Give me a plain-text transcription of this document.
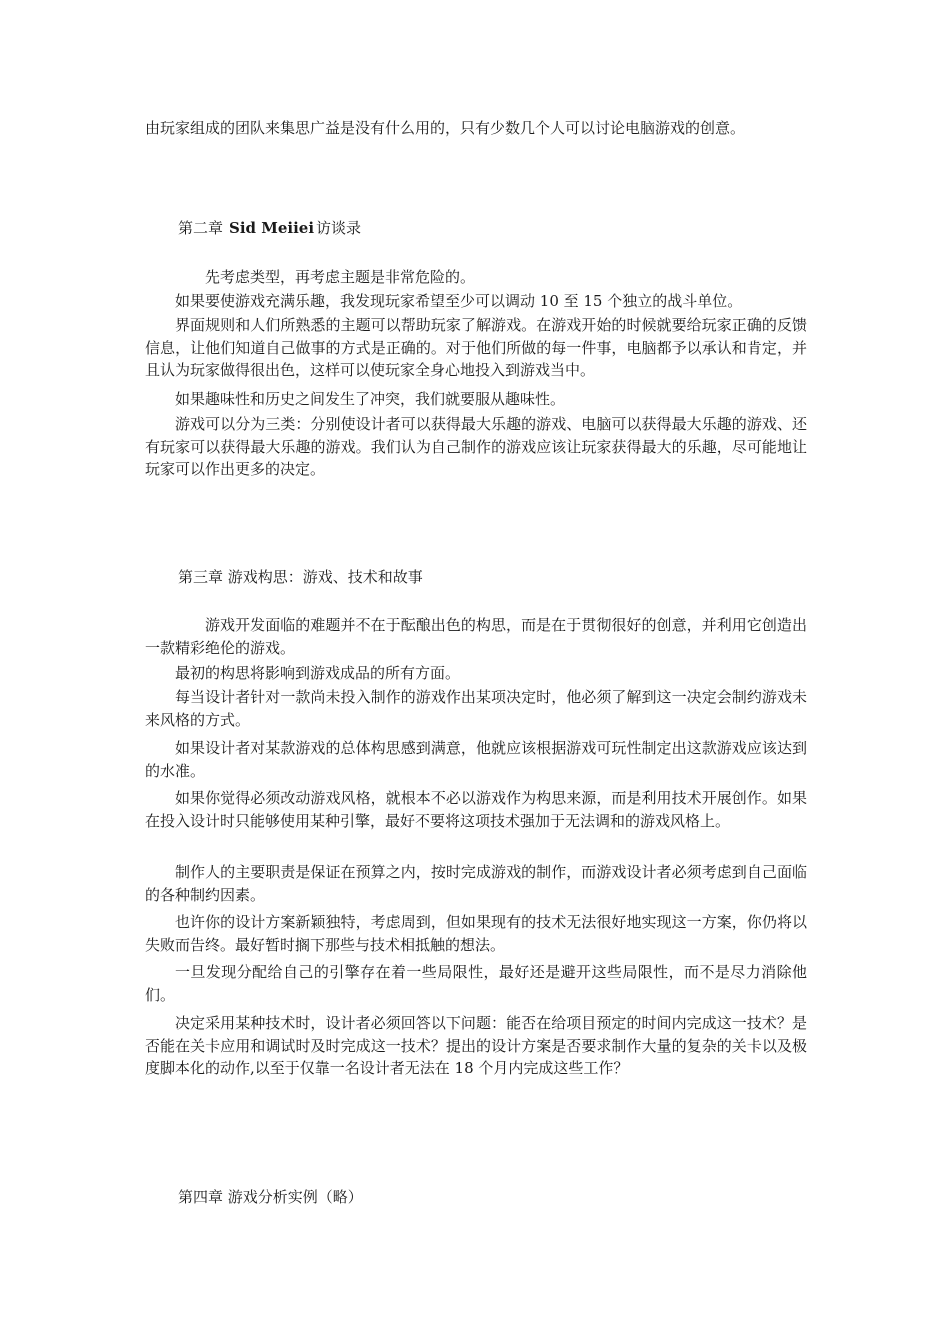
由玩家组成的团队来集思广益是没有什么用的，只有少数几个人可以讨论电脑游戏的创意。

第二章 Sid Meiiei 访谈录

先考虑类型，再考虑主题是非常危险的。

如果要使游戏充满乐趣，我发现玩家希望至少可以调动 10 至 15 个独立的战斗单位。

界面规则和人们所熟悉的主题可以帮助玩家了解游戏。在游戏开始的时候就要给玩家正确的反馈信息，让他们知道自己做事的方式是正确的。对于他们所做的每一件事，电脑都予以承认和肯定，并且认为玩家做得很出色，这样可以使玩家全身心地投入到游戏当中。

如果趣味性和历史之间发生了冲突，我们就要服从趣味性。

游戏可以分为三类：分别使设计者可以获得最大乐趣的游戏、电脑可以获得最大乐趣的游戏、还有玩家可以获得最大乐趣的游戏。我们认为自己制作的游戏应该让玩家获得最大的乐趣，尽可能地让玩家可以作出更多的决定。

第三章 游戏构思：游戏、技术和故事

游戏开发面临的难题并不在于酝酿出色的构思，而是在于贯彻很好的创意，并利用它创造出一款精彩绝伦的游戏。

最初的构思将影响到游戏成品的所有方面。

每当设计者针对一款尚未投入制作的游戏作出某项决定时，他必须了解到这一决定会制约游戏未来风格的方式。

如果设计者对某款游戏的总体构思感到满意，他就应该根据游戏可玩性制定出这款游戏应该达到的水准。

如果你觉得必须改动游戏风格，就根本不必以游戏作为构思来源，而是利用技术开展创作。如果在投入设计时只能够使用某种引擎，最好不要将这项技术强加于无法调和的游戏风格上。

制作人的主要职责是保证在预算之内，按时完成游戏的制作，而游戏设计者必须考虑到自己面临的各种制约因素。

也许你的设计方案新颖独特，考虑周到，但如果现有的技术无法很好地实现这一方案，你仍将以失败而告终。最好暂时搁下那些与技术相抵触的想法。

一旦发现分配给自己的引擎存在着一些局限性，最好还是避开这些局限性，而不是尽力消除他们。

决定采用某种技术时，设计者必须回答以下问题：能否在给项目预定的时间内完成这一技术？是否能在关卡应用和调试时及时完成这一技术？提出的设计方案是否要求制作大量的复杂的关卡以及极度脚本化的动作,以至于仅靠一名设计者无法在 18 个月内完成这些工作？

第四章 游戏分析实例（略）
